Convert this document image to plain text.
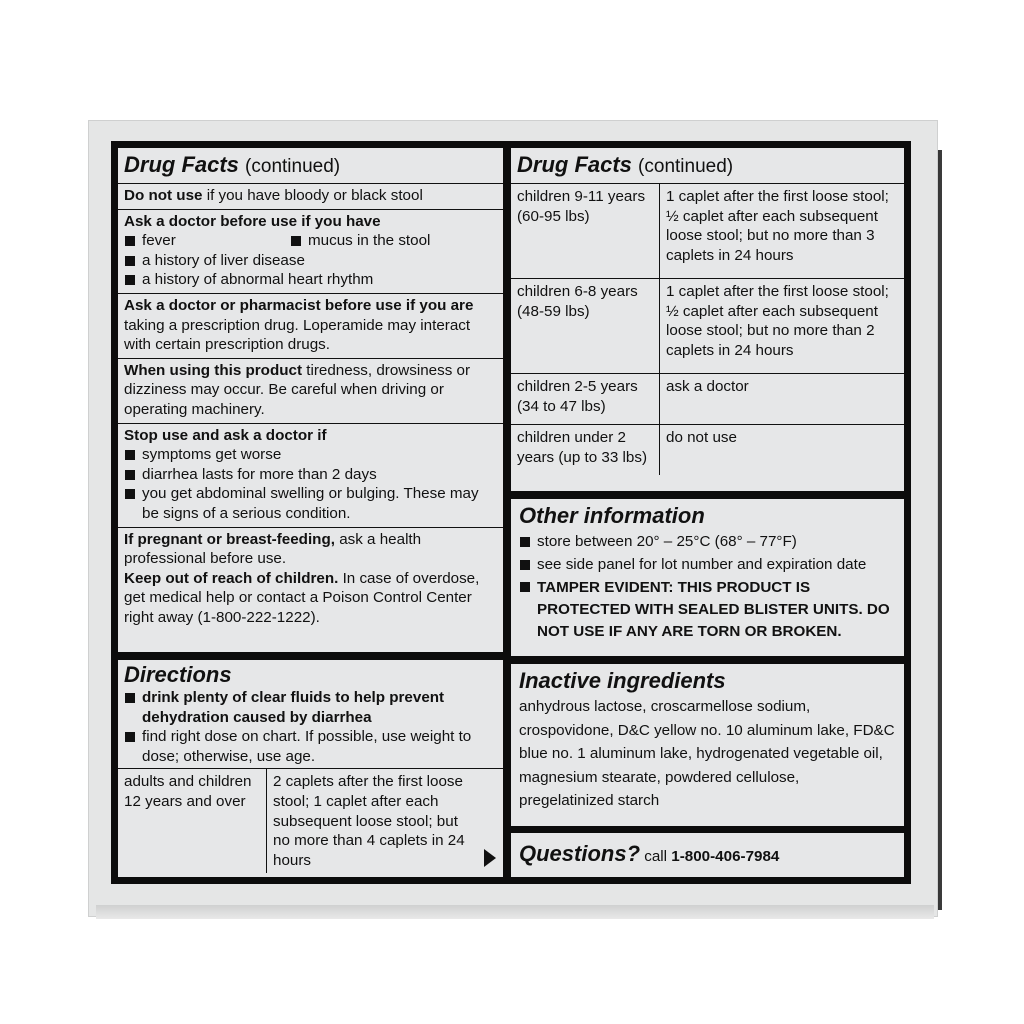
Drug Facts (continued)
Do not use if you have bloody or black stool
Ask a doctor before use if you have
fever	mucus in the stool
a history of liver disease
a history of abnormal heart rhythm
Ask a doctor or pharmacist before use if you are taking a prescription drug. Loperamide may interact with certain prescription drugs.
When using this product tiredness, drowsiness or dizziness may occur. Be careful when driving or operating machinery.
Stop use and ask a doctor if
symptoms get worse
diarrhea lasts for more than 2 days
you get abdominal swelling or bulging. These may be signs of a serious condition.
If pregnant or breast-feeding, ask a health professional before use.
Keep out of reach of children. In case of overdose, get medical help or contact a Poison Control Center right away (1-800-222-1222).
Directions
drink plenty of clear fluids to help prevent dehydration caused by diarrhea
find right dose on chart. If possible, use weight to dose; otherwise, use age.
adults and children 12 years and over	2 caplets after the first loose stool; 1 caplet after each subsequent loose stool; but no more than 4 caplets in 24 hours
Drug Facts (continued)
children 9-11 years (60-95 lbs)	1 caplet after the first loose stool; ½ caplet after each subsequent loose stool; but no more than 3 caplets in 24 hours
children 6-8 years (48-59 lbs)	1 caplet after the first loose stool; ½ caplet after each subsequent loose stool; but no more than 2 caplets in 24 hours
children 2-5 years (34 to 47 lbs)	ask a doctor
children under 2 years (up to 33 lbs)	do not use
Other information
store between 20° – 25°C (68° – 77°F)
see side panel for lot number and expiration date
TAMPER EVIDENT: THIS PRODUCT IS PROTECTED WITH SEALED BLISTER UNITS. DO NOT USE IF ANY ARE TORN OR BROKEN.
Inactive ingredients
anhydrous lactose, croscarmellose sodium, crospovidone, D&C yellow no. 10 aluminum lake, FD&C blue no. 1 aluminum lake, hydrogenated vegetable oil, magnesium stearate, powdered cellulose, pregelatinized starch
Questions? call 1-800-406-7984
